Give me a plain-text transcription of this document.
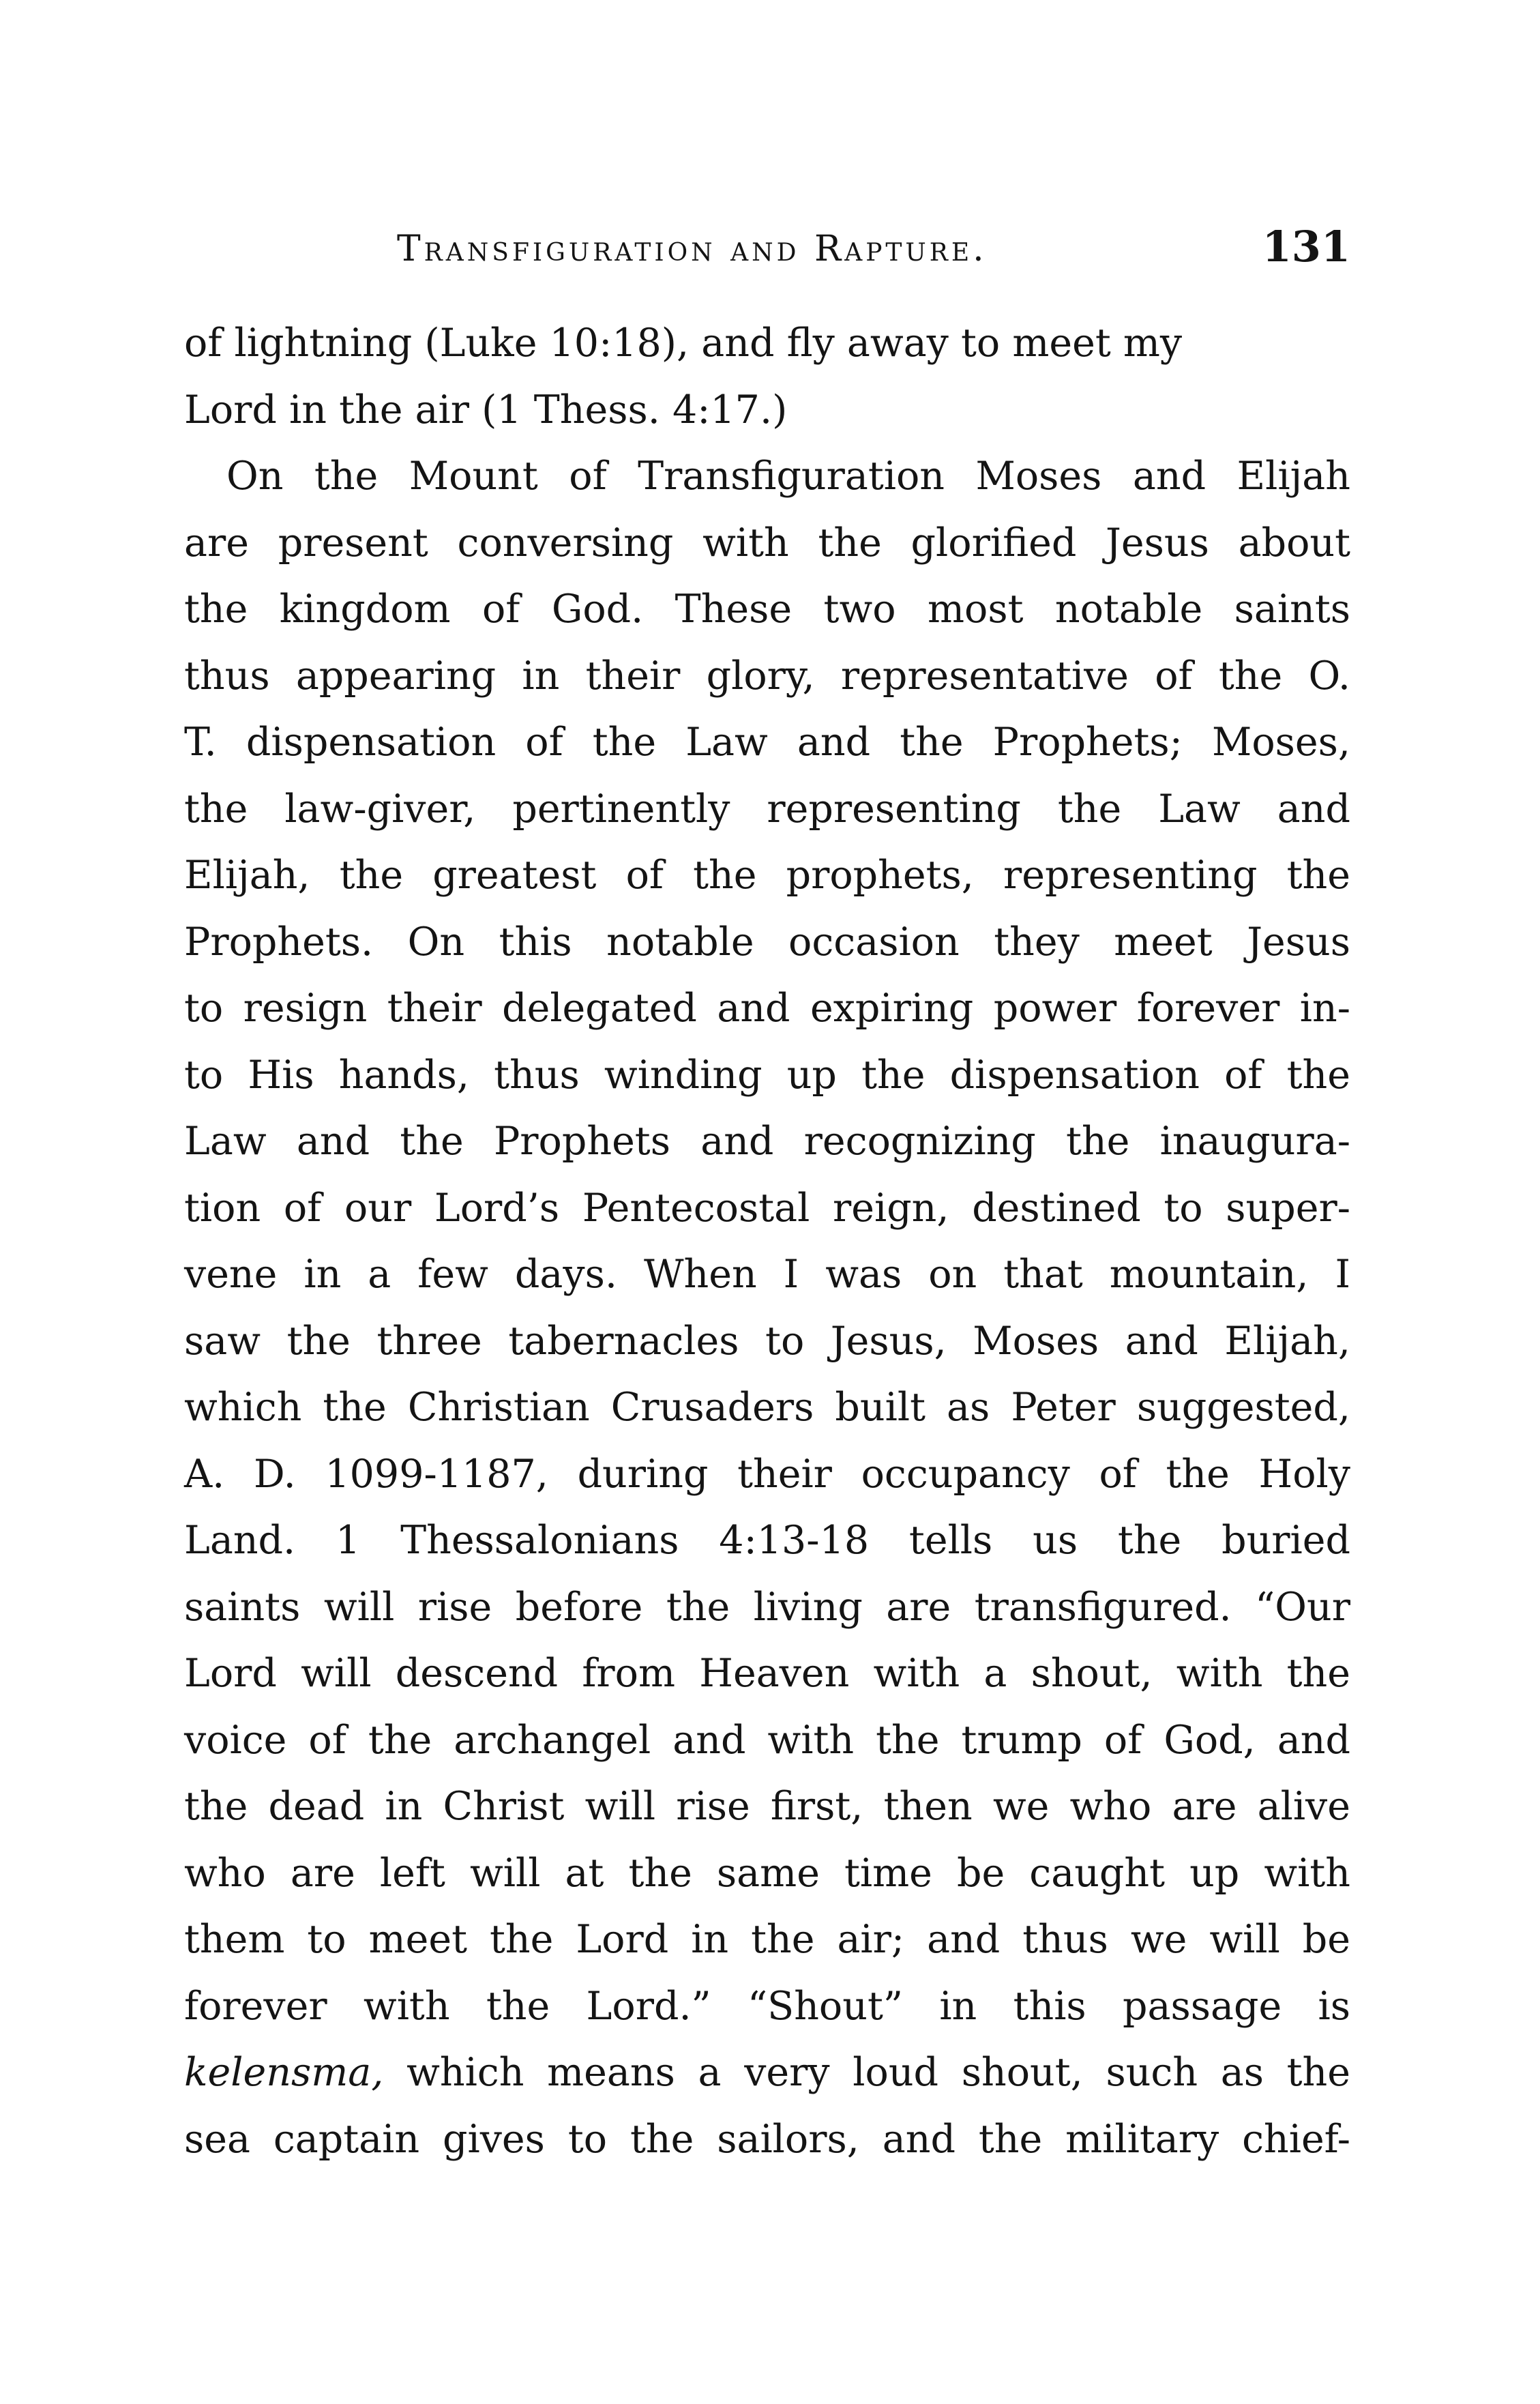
Transfiguration and Rapture.	131
of lightning (Luke 10:18), and fly away to meet my
Lord in the air (1 Thess. 4:17.)
On the Mount of Transfiguration Moses and Elijah
are present conversing with the glorified Jesus about
the kingdom of God. These two most notable saints
thus appearing in their glory, representative of the O.
T. dispensation of the Law and the Prophets; Moses,
the law-giver, pertinently representing the Law and
Elijah, the greatest of the prophets, representing the
Prophets. On this notable occasion they meet Jesus
to resign their delegated and expiring power forever in-
to His hands, thus winding up the dispensation of the
Law and the Prophets and recognizing the inaugura-
tion of our Lord’s Pentecostal reign, destined to super-
vene in a few days. When I was on that mountain, I
saw the three tabernacles to Jesus, Moses and Elijah,
which the Christian Crusaders built as Peter suggested,
A. D. 1099-1187, during their occupancy of the Holy
Land. 1 Thessalonians 4:13-18 tells us the buried
saints will rise before the living are transfigured. “Our
Lord will descend from Heaven with a shout, with the
voice of the archangel and with the trump of God, and
the dead in Christ will rise first, then we who are alive
who are left will at the same time be caught up with
them to meet the Lord in the air; and thus we will be
forever with the Lord.” “Shout” in this passage is
kelensma, which means a very loud shout, such as the
sea captain gives to the sailors, and the military chief-
